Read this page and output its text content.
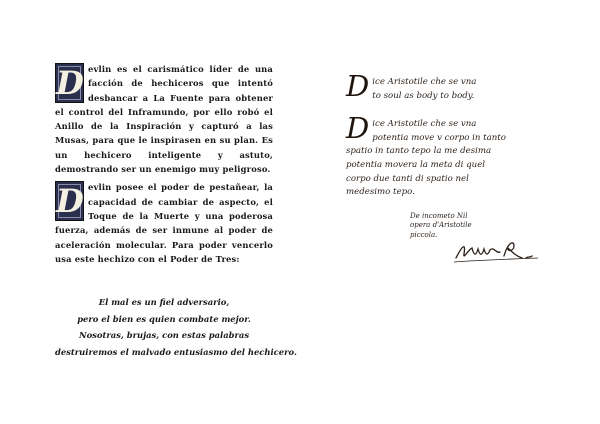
D evlin es el carismático líder de una facción de hechiceros que intentó desbancar a La Fuente para obtener el control del Inframundo, por ello robó el Anillo de la Inspiración y capturó a las Musas, para que le inspirasen en su plan. Es un hechicero inteligente y astuto, demostrando ser un enemigo muy peligroso.

D evlin posee el poder de pestañear, la capacidad de cambiar de aspecto, el Toque de la Muerte y una poderosa fuerza, además de ser inmune al poder de aceleración molecular. Para poder vencerlo usa este hechizo con el Poder de Tres:

El mal es un fiel adversario,
pero el bien es quien combate mejor.
Nosotras, brujas, con estas palabras
destruiremos el malvado entusiasmo del hechicero.
D ice Aristotile che se vna
to soul as body to body.
D ice Aristotile che se vna
potentia move v corpo in tanto
spatio in tanto tepo la me desima
potentia movera la meta di quel
corpo due tanti di spatio nel
medesimo tepo.
De incometo Nil
opera d'Aristotile
piccola.
